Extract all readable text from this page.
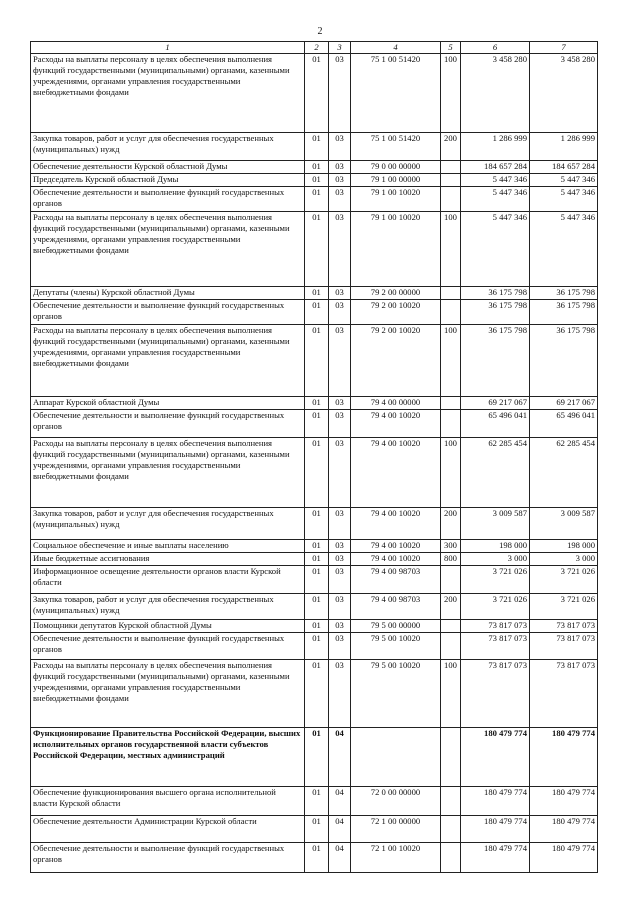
2
1	2	3	4	5	6	7
Расходы на выплаты персоналу в целях обеспечения выполнения функций государственными (муниципальными) органами, казенными учреждениями, органами управления государственными внебюджетными фондами	01	03	75 1 00 51420	100	3 458 280	3 458 280
Закупка товаров, работ и услуг для обеспечения государственных (муниципальных) нужд	01	03	75 1 00 51420	200	1 286 999	1 286 999
Обеспечение деятельности Курской областной Думы	01	03	79 0 00 00000		184 657 284	184 657 284
Председатель Курской областной Думы	01	03	79 1 00 00000		5 447 346	5 447 346
Обеспечение деятельности и выполнение функций государственных органов	01	03	79 1 00 10020		5 447 346	5 447 346
Расходы на выплаты персоналу в целях обеспечения выполнения функций государственными (муниципальными) органами, казенными учреждениями, органами управления государственными внебюджетными фондами	01	03	79 1 00 10020	100	5 447 346	5 447 346
Депутаты (члены) Курской областной Думы	01	03	79 2 00 00000		36 175 798	36 175 798
Обеспечение деятельности и выполнение функций государственных органов	01	03	79 2 00 10020		36 175 798	36 175 798
Расходы на выплаты персоналу в целях обеспечения выполнения функций государственными (муниципальными) органами, казенными учреждениями, органами управления государственными внебюджетными фондами	01	03	79 2 00 10020	100	36 175 798	36 175 798
Аппарат Курской областной Думы	01	03	79 4 00 00000		69 217 067	69 217 067
Обеспечение деятельности и выполнение функций государственных органов	01	03	79 4 00 10020		65 496 041	65 496 041
Расходы на выплаты персоналу в целях обеспечения выполнения функций государственными (муниципальными) органами, казенными учреждениями, органами управления государственными внебюджетными фондами	01	03	79 4 00 10020	100	62 285 454	62 285 454
Закупка товаров, работ и услуг для обеспечения государственных (муниципальных) нужд	01	03	79 4 00 10020	200	3 009 587	3 009 587
Социальное обеспечение и иные выплаты населению	01	03	79 4 00 10020	300	198 000	198 000
Иные бюджетные ассигнования	01	03	79 4 00 10020	800	3 000	3 000
Информационное освещение деятельности органов власти Курской области	01	03	79 4 00 98703		3 721 026	3 721 026
Закупка товаров, работ и услуг для обеспечения государственных (муниципальных) нужд	01	03	79 4 00 98703	200	3 721 026	3 721 026
Помощники депутатов Курской областной Думы	01	03	79 5 00 00000		73 817 073	73 817 073
Обеспечение деятельности и выполнение функций государственных органов	01	03	79 5 00 10020		73 817 073	73 817 073
Расходы на выплаты персоналу в целях обеспечения выполнения функций государственными (муниципальными) органами, казенными учреждениями, органами управления государственными внебюджетными фондами	01	03	79 5 00 10020	100	73 817 073	73 817 073
Функционирование Правительства Российской Федерации, высших исполнительных органов государственной власти субъектов Российской Федерации, местных администраций	01	04			180 479 774	180 479 774
Обеспечение функционирования высшего органа исполнительной власти Курской области	01	04	72 0 00 00000		180 479 774	180 479 774
Обеспечение деятельности Администрации Курской области	01	04	72 1 00 00000		180 479 774	180 479 774
Обеспечение деятельности и выполнение функций государственных органов	01	04	72 1 00 10020		180 479 774	180 479 774
